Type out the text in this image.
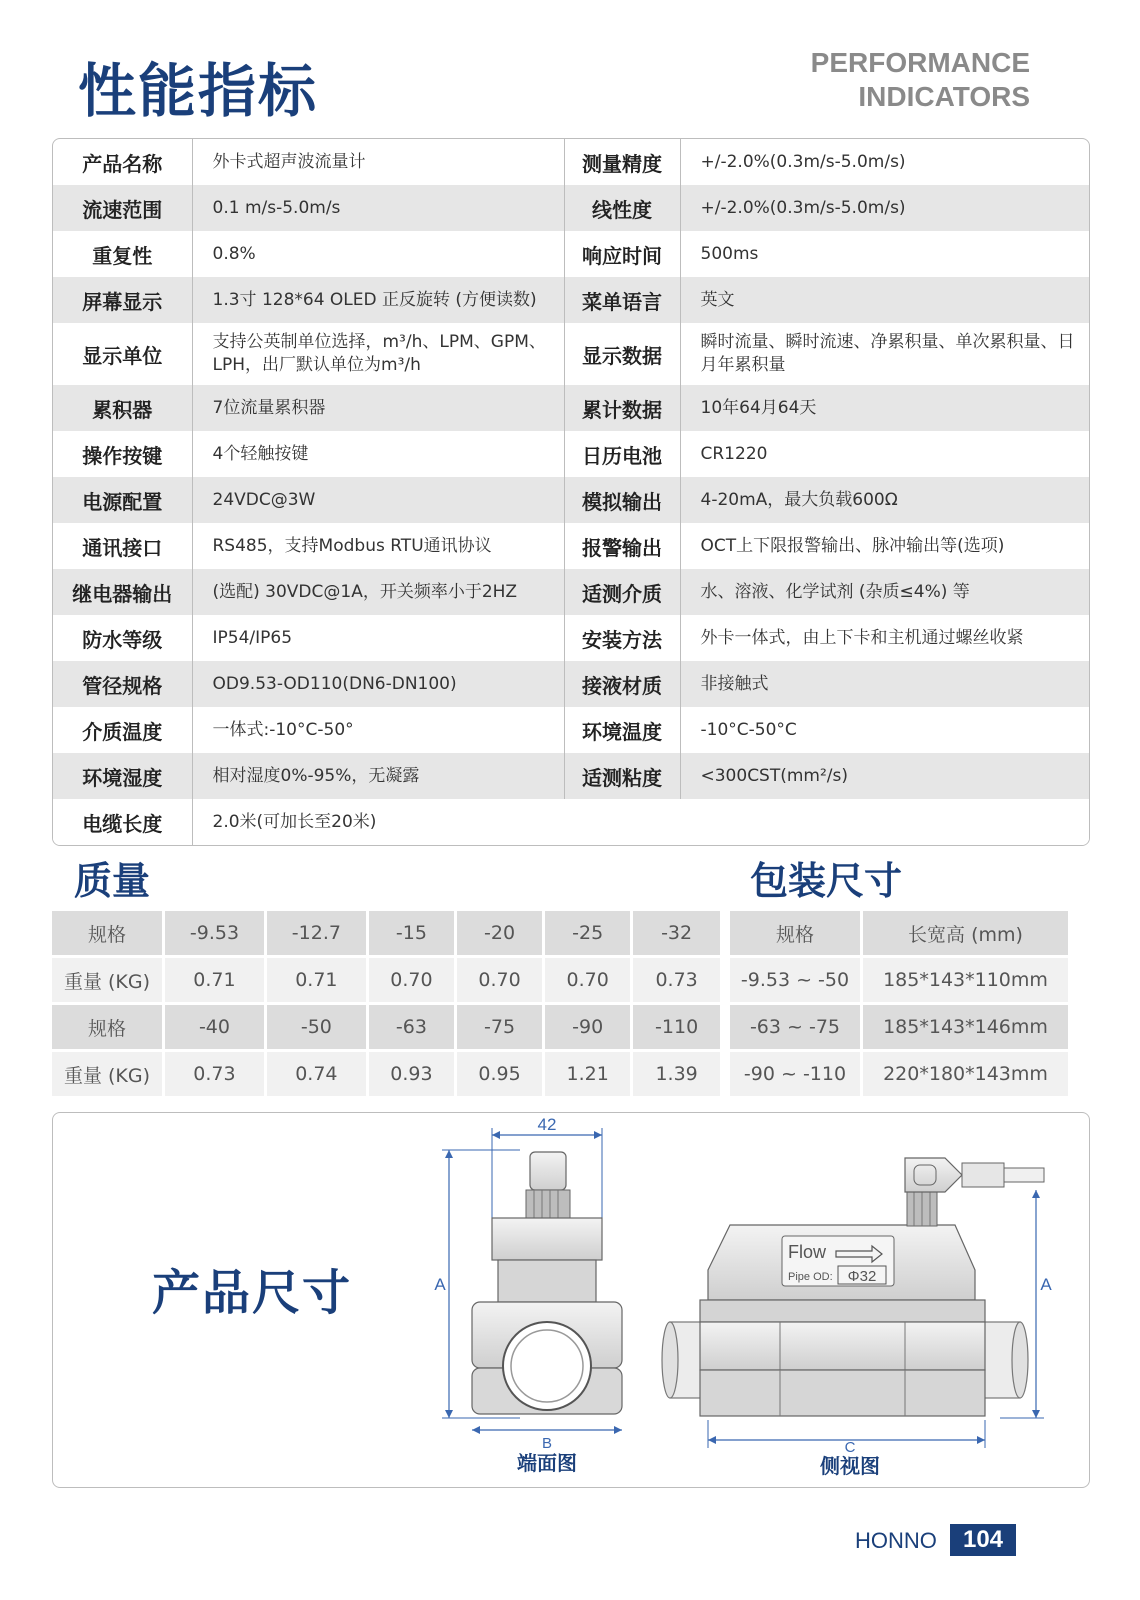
性能指标	PERFORMANCE
INDICATORS
产品名称	外卡式超声波流量计	测量精度	+/-2.0%(0.3m/s-5.0m/s)
流速范围	0.1 m/s-5.0m/s	线性度	+/-2.0%(0.3m/s-5.0m/s)
重复性	0.8%	响应时间	500ms
屏幕显示	1.3寸 128*64 OLED 正反旋转 (方便读数)	菜单语言	英文
显示单位	支持公英制单位选择，m³/h、LPM、GPM、LPH，出厂默认单位为m³/h	显示数据	瞬时流量、瞬时流速、净累积量、单次累积量、日月年累积量
累积器	7位流量累积器	累计数据	10年64月64天
操作按键	4个轻触按键	日历电池	CR1220
电源配置	24VDC@3W	模拟输出	4-20mA，最大负载600Ω
通讯接口	RS485，支持Modbus RTU通讯协议	报警输出	OCT上下限报警输出、脉冲输出等(选项)
继电器输出	(选配) 30VDC@1A，开关频率小于2HZ	适测介质	水、溶液、化学试剂 (杂质≤4%) 等
防水等级	IP54/IP65	安装方法	外卡一体式，由上下卡和主机通过螺丝收紧
管径规格	OD9.53-OD110(DN6-DN100)	接液材质	非接触式
介质温度	一体式:-10°C-50°	环境温度	-10°C-50°C
环境湿度	相对湿度0%-95%，无凝露	适测粘度	<300CST(mm²/s)
电缆长度	2.0米(可加长至20米)		
质量
规格	-9.53	-12.7	-15	-20	-25	-32
重量 (KG)	0.71	0.71	0.70	0.70	0.70	0.73
规格	-40	-50	-63	-75	-90	-110
重量 (KG)	0.73	0.74	0.93	0.95	1.21	1.39
包装尺寸
规格	长宽高 (mm)
-9.53 ~ -50	185*143*110mm
-63 ~ -75	185*143*146mm
-90 ~ -110	220*180*143mm
产品尺寸
42
A
B
端面图
Flow
Pipe OD: Φ32	A
C
侧视图
HONNO	104
